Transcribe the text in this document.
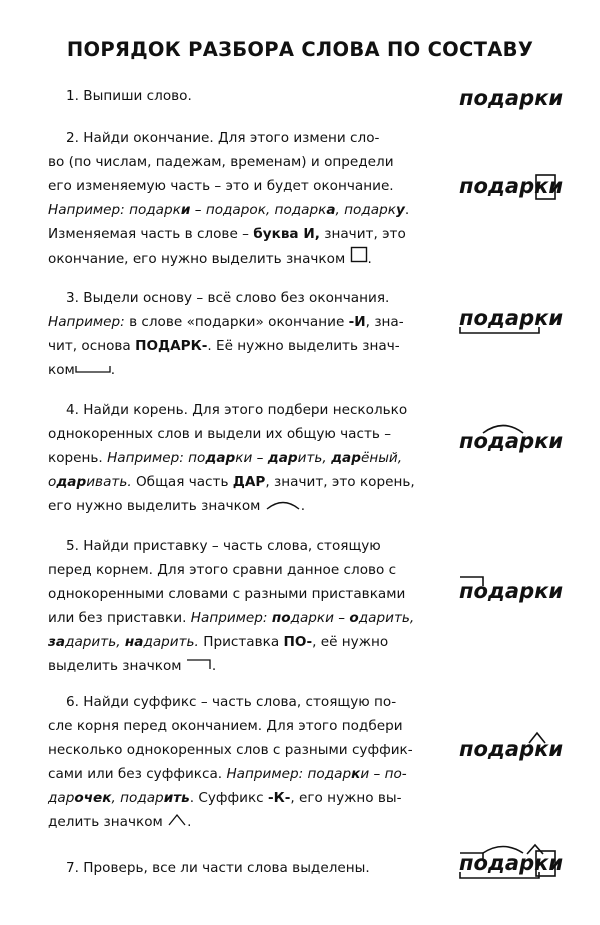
ПОРЯДОК РАЗБОРА СЛОВА ПО СОСТАВУ

1. Выпиши слово.

2. Найди окончание. Для этого измени сло-

во (по числам, падежам, временам) и определи

его изменяемую часть – это и будет окончание.

Например: подарки – подарок, подарка, подарку.

Изменяемая часть в слове – буква И, значит, это

окончание, его нужно выделить значком .

3. Выдели основу – всё слово без окончания.

Например: в слове «подарки» окончание -И, зна-

чит, основа ПОДАРК-. Её нужно выделить знач-

ком	.

4. Найди корень. Для этого подбери несколько

однокоренных слов и выдели их общую часть –

корень. Например: подарки – дарить, дарёный,

одаривать. Общая часть ДАР, значит, это корень,

его нужно выделить значком	.

5. Найди приставку – часть слова, стоящую

перед корнем. Для этого сравни данное слово с

однокоренными словами с разными приставками

или без приставки. Например: подарки – одарить,

задарить, надарить. Приставка ПО-, её нужно

выделить значком .

6. Найди суффикс – часть слова, стоящую по-

сле корня перед окончанием. Для этого подбери

несколько однокоренных слов с разными суффик-

сами или без суффикса. Например: подарки – по-

дарочек, подарить. Суффикс -К-, его нужно вы-

делить значком .

7. Проверь, все ли части слова выделены.

подарки
подарки
подарки
подарки
подарки
подарки
подарки
